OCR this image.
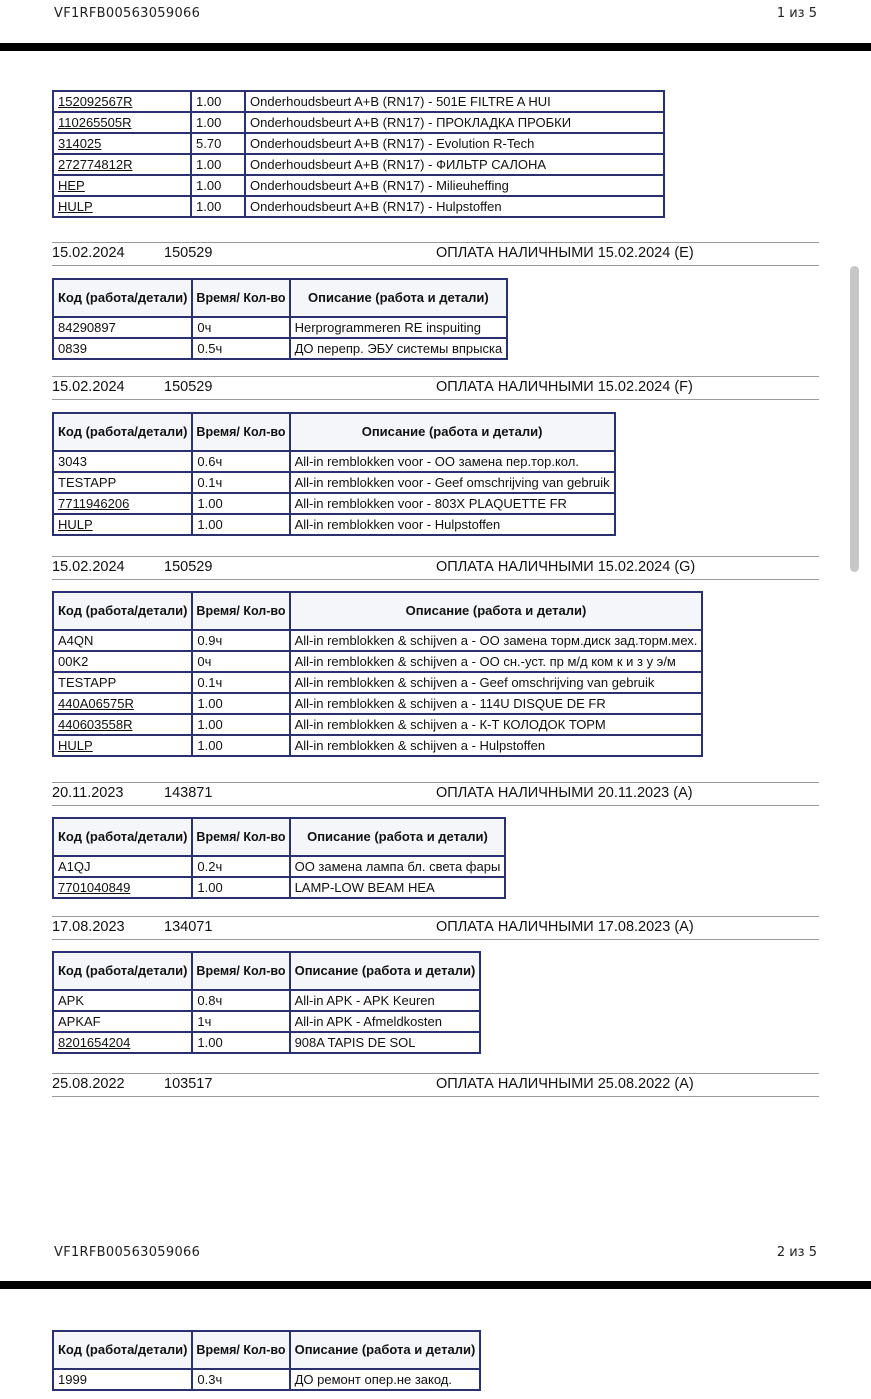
VF1RFB00563059066	1 из 5
152092567R	1.00	Onderhoudsbeurt A+B (RN17) - 501E FILTRE A HUI
110265505R	1.00	Onderhoudsbeurt A+B (RN17) - ПРОКЛАДКА ПРОБКИ
314025	5.70	Onderhoudsbeurt A+B (RN17) - Evolution R-Tech
272774812R	1.00	Onderhoudsbeurt A+B (RN17) - ФИЛЬТР САЛОНА
HEP	1.00	Onderhoudsbeurt A+B (RN17) - Milieuheffing
HULP	1.00	Onderhoudsbeurt A+B (RN17) - Hulpstoffen
15.02.2024	150529	ОПЛАТА НАЛИЧНЫМИ 15.02.2024 (E)
Код (работа/детали)	Время/ Кол-во	Описание (работа и детали)
84290897	0ч	Herprogrammeren RE inspuiting
0839	0.5ч	ДО перепр. ЭБУ системы впрыска
15.02.2024	150529	ОПЛАТА НАЛИЧНЫМИ 15.02.2024 (F)
Код (работа/детали)	Время/ Кол-во	Описание (работа и детали)
3043	0.6ч	All-in remblokken voor - ОО замена пер.тор.кол.
TESTAPP	0.1ч	All-in remblokken voor - Geef omschrijving van gebruik
7711946206	1.00	All-in remblokken voor - 803X PLAQUETTE FR
HULP	1.00	All-in remblokken voor - Hulpstoffen
15.02.2024	150529	ОПЛАТА НАЛИЧНЫМИ 15.02.2024 (G)
Код (работа/детали)	Время/ Кол-во	Описание (работа и детали)
A4QN	0.9ч	All-in remblokken & schijven a - ОО замена торм.диск зад.торм.мех.
00K2	0ч	All-in remblokken & schijven a - ОО сн.-уст. пр м/д ком к и з у э/м
TESTAPP	0.1ч	All-in remblokken & schijven a - Geef omschrijving van gebruik
440A06575R	1.00	All-in remblokken & schijven a - 114U DISQUE DE FR
440603558R	1.00	All-in remblokken & schijven a - К-Т КОЛОДОК ТОРМ
HULP	1.00	All-in remblokken & schijven a - Hulpstoffen
20.11.2023	143871	ОПЛАТА НАЛИЧНЫМИ 20.11.2023 (A)
Код (работа/детали)	Время/ Кол-во	Описание (работа и детали)
A1QJ	0.2ч	ОО замена лампа бл. света фары
7701040849	1.00	LAMP-LOW BEAM HEA
17.08.2023	134071	ОПЛАТА НАЛИЧНЫМИ 17.08.2023 (A)
Код (работа/детали)	Время/ Кол-во	Описание (работа и детали)
APK	0.8ч	All-in APK - APK Keuren
APKAF	1ч	All-in APK - Afmeldkosten
8201654204	1.00	908A TAPIS DE SOL
25.08.2022	103517	ОПЛАТА НАЛИЧНЫМИ 25.08.2022 (A)
VF1RFB00563059066	2 из 5
Код (работа/детали)	Время/ Кол-во	Описание (работа и детали)
1999	0.3ч	ДО ремонт опер.не закод.
